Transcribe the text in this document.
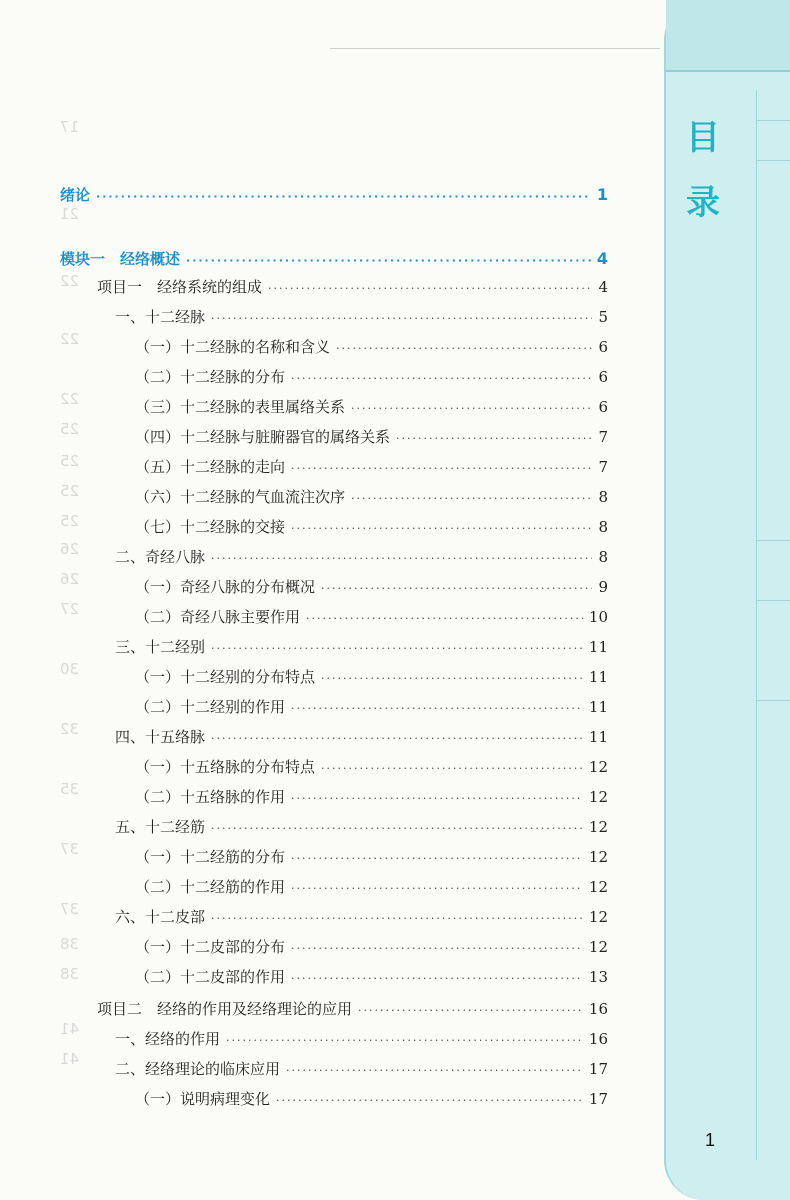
17
21
22
22
22
25
25
25
25
26
26
27
30
32
35
37
37
38
38
41
41
目
录
绪论 ·····	1
模块一　经络概述 ·····	4
项目一　经络系统的组成 ·····	4
一、十二经脉 ·····	5
（一）十二经脉的名称和含义 ·····	6
（二）十二经脉的分布 ·····	6
（三）十二经脉的表里属络关系 ·····	6
（四）十二经脉与脏腑器官的属络关系 ·····	7
（五）十二经脉的走向 ·····	7
（六）十二经脉的气血流注次序 ·····	8
（七）十二经脉的交接 ·····	8
二、奇经八脉 ·····	8
（一）奇经八脉的分布概况 ·····	9
（二）奇经八脉主要作用 ·····	10
三、十二经别 ·····	11
（一）十二经别的分布特点 ·····	11
（二）十二经别的作用 ·····	11
四、十五络脉 ·····	11
（一）十五络脉的分布特点 ·····	12
（二）十五络脉的作用 ·····	12
五、十二经筋 ·····	12
（一）十二经筋的分布 ·····	12
（二）十二经筋的作用 ·····	12
六、十二皮部 ·····	12
（一）十二皮部的分布 ·····	12
（二）十二皮部的作用 ·····	13
项目二　经络的作用及经络理论的应用 ·····	16
一、经络的作用 ·····	16
二、经络理论的临床应用 ·····	17
（一）说明病理变化 ·····	17
1
